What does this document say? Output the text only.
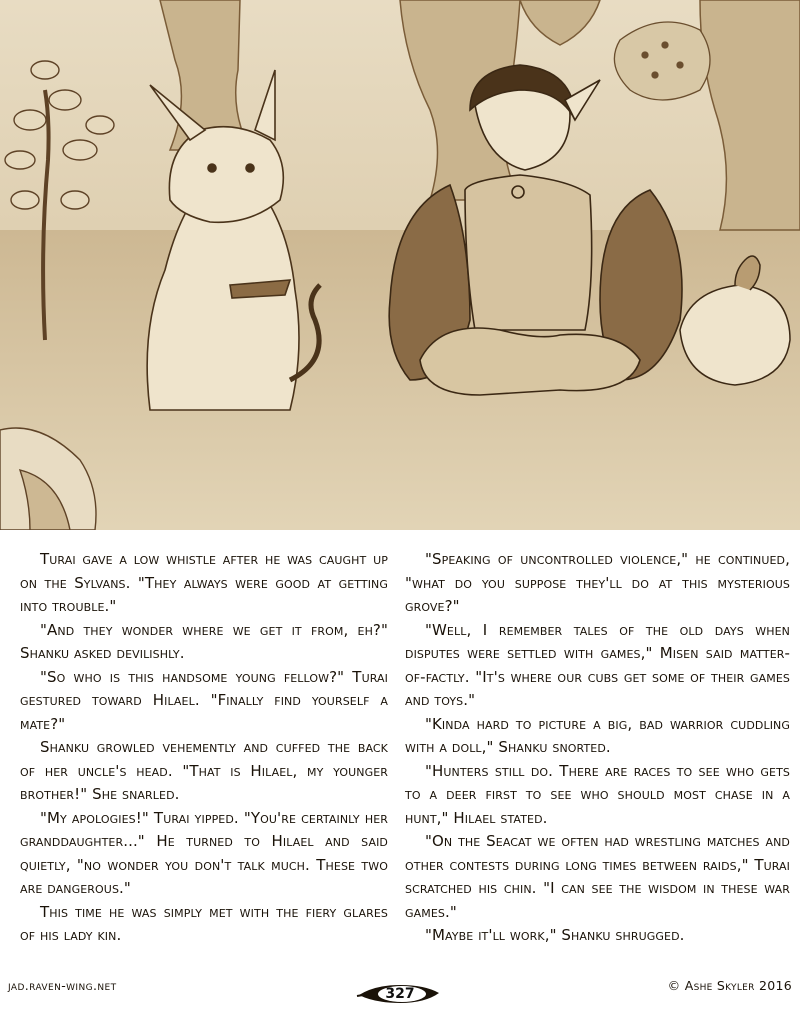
Turai gave a low whistle after he was caught up on the Sylvans. "They always were good at getting into trouble."

"And they wonder where we get it from, eh?" Shanku asked devilishly.

"So who is this handsome young fellow?" Turai gestured toward Hilael. "Finally find yourself a mate?"

Shanku growled vehemently and cuffed the back of her uncle's head. "That is Hilael, my younger brother!" She snarled.

"My apologies!" Turai yipped. "You're certainly her granddaughter..." He turned to Hilael and said quietly, "no wonder you don't talk much. These two are dangerous."

This time he was simply met with the fiery glares of his lady kin.

"Speaking of uncontrolled violence," he continued, "what do you suppose they'll do at this mysterious grove?"

"Well, I remember tales of the old days when disputes were settled with games," Misen said matter-of-factly. "It's where our cubs get some of their games and toys."

"Kinda hard to picture a big, bad warrior cuddling with a doll," Shanku snorted.

"Hunters still do. There are races to see who gets to a deer first to see who should most chase in a hunt," Hilael stated.

"On the Seacat we often had wrestling matches and other contests during long times between raids," Turai scratched his chin. "I can see the wisdom in these war games."

"Maybe it'll work," Shanku shrugged.

jad.raven-wing.net
327
© Ashe Skyler 2016
